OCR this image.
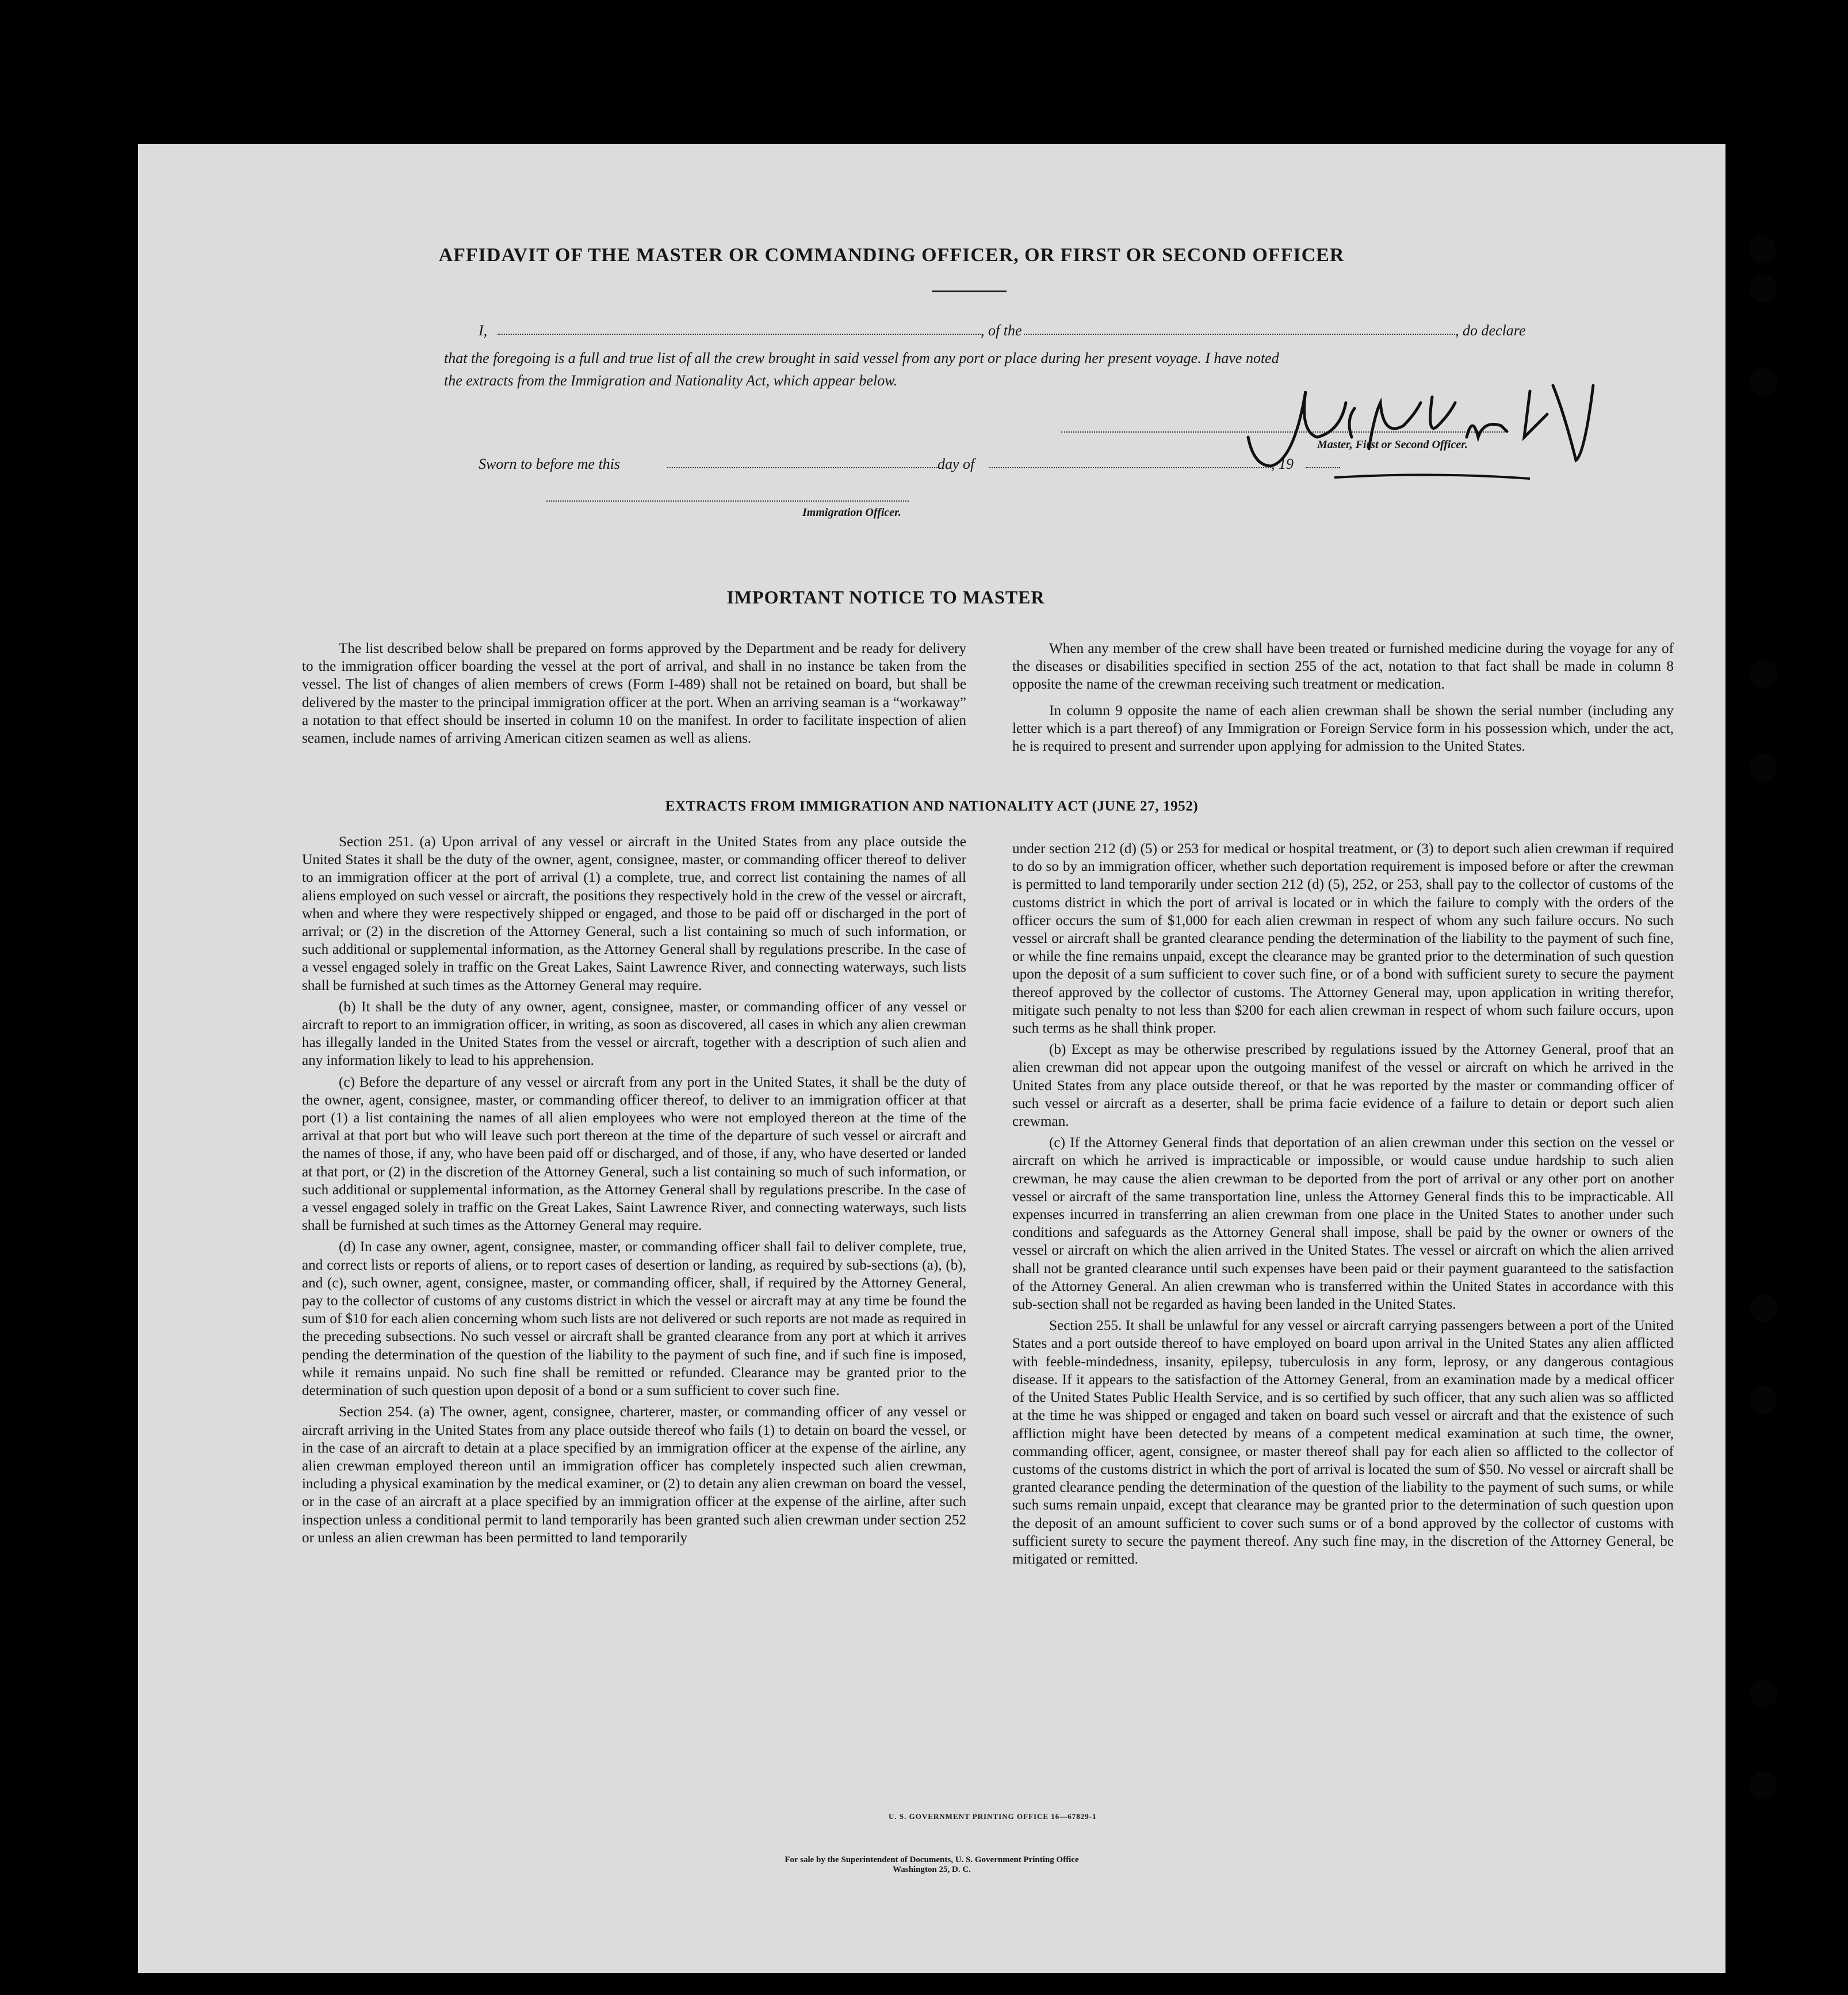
AFFIDAVIT OF THE MASTER OR COMMANDING OFFICER, OR FIRST OR SECOND OFFICER
I,	, of the	, do declare
that the foregoing is a full and true list of all the crew brought in said vessel from any port or place during her present voyage. I have noted
the extracts from the Immigration and Nationality Act, which appear below.
Master, First or Second Officer.
Sworn to before me this	day of	, 19
Immigration Officer.
IMPORTANT NOTICE TO MASTER

The list described below shall be prepared on forms approved by the Department and be ready for delivery to the immigration officer boarding the vessel at the port of arrival, and shall in no instance be taken from the vessel. The list of changes of alien members of crews (Form I-489) shall not be retained on board, but shall be delivered by the master to the principal immigration officer at the port. When an arriving seaman is a “workaway” a notation to that effect should be inserted in column 10 on the manifest. In order to facilitate inspection of alien seamen, include names of arriving American citizen seamen as well as aliens.

When any member of the crew shall have been treated or furnished medicine during the voyage for any of the diseases or disabilities specified in section 255 of the act, notation to that fact shall be made in column 8 opposite the name of the crewman receiving such treatment or medication.

In column 9 opposite the name of each alien crewman shall be shown the serial number (including any letter which is a part thereof) of any Immigration or Foreign Service form in his possession which, under the act, he is required to present and surrender upon applying for admission to the United States.

EXTRACTS FROM IMMIGRATION AND NATIONALITY ACT (JUNE 27, 1952)

Section 251. (a) Upon arrival of any vessel or aircraft in the United States from any place outside the United States it shall be the duty of the owner, agent, consignee, master, or commanding officer thereof to deliver to an immigration officer at the port of arrival (1) a complete, true, and correct list containing the names of all aliens employed on such vessel or aircraft, the positions they respectively hold in the crew of the vessel or aircraft, when and where they were respectively shipped or engaged, and those to be paid off or discharged in the port of arrival; or (2) in the discretion of the Attorney General, such a list containing so much of such information, or such additional or supplemental information, as the Attorney General shall by regulations prescribe. In the case of a vessel engaged solely in traffic on the Great Lakes, Saint Lawrence River, and connecting waterways, such lists shall be furnished at such times as the Attorney General may require.

(b) It shall be the duty of any owner, agent, consignee, master, or commanding officer of any vessel or aircraft to report to an immigration officer, in writing, as soon as discovered, all cases in which any alien crewman has illegally landed in the United States from the vessel or aircraft, together with a description of such alien and any information likely to lead to his apprehension.

(c) Before the departure of any vessel or aircraft from any port in the United States, it shall be the duty of the owner, agent, consignee, master, or commanding officer thereof, to deliver to an immigration officer at that port (1) a list containing the names of all alien employees who were not employed thereon at the time of the arrival at that port but who will leave such port thereon at the time of the departure of such vessel or aircraft and the names of those, if any, who have been paid off or discharged, and of those, if any, who have deserted or landed at that port, or (2) in the discretion of the Attorney General, such a list containing so much of such information, or such additional or supplemental information, as the Attorney General shall by regulations prescribe. In the case of a vessel engaged solely in traffic on the Great Lakes, Saint Lawrence River, and connecting waterways, such lists shall be furnished at such times as the Attorney General may require.

(d) In case any owner, agent, consignee, master, or commanding officer shall fail to deliver complete, true, and correct lists or reports of aliens, or to report cases of desertion or landing, as required by sub-sections (a), (b), and (c), such owner, agent, consignee, master, or commanding officer, shall, if required by the Attorney General, pay to the collector of customs of any customs district in which the vessel or aircraft may at any time be found the sum of $10 for each alien concerning whom such lists are not delivered or such reports are not made as required in the preceding subsections. No such vessel or aircraft shall be granted clearance from any port at which it arrives pending the determination of the question of the liability to the payment of such fine, and if such fine is imposed, while it remains unpaid. No such fine shall be remitted or refunded. Clearance may be granted prior to the determination of such question upon deposit of a bond or a sum sufficient to cover such fine.

Section 254. (a) The owner, agent, consignee, charterer, master, or commanding officer of any vessel or aircraft arriving in the United States from any place outside thereof who fails (1) to detain on board the vessel, or in the case of an aircraft to detain at a place specified by an immigration officer at the expense of the airline, any alien crewman employed thereon until an immigration officer has completely inspected such alien crewman, including a physical examination by the medical examiner, or (2) to detain any alien crewman on board the vessel, or in the case of an aircraft at a place specified by an immigration officer at the expense of the airline, after such inspection unless a conditional permit to land temporarily has been granted such alien crewman under section 252 or unless an alien crewman has been permitted to land temporarily

under section 212 (d) (5) or 253 for medical or hospital treatment, or (3) to deport such alien crewman if required to do so by an immigration officer, whether such deportation requirement is imposed before or after the crewman is permitted to land temporarily under section 212 (d) (5), 252, or 253, shall pay to the collector of customs of the customs district in which the port of arrival is located or in which the failure to comply with the orders of the officer occurs the sum of $1,000 for each alien crewman in respect of whom any such failure occurs. No such vessel or aircraft shall be granted clearance pending the determination of the liability to the payment of such fine, or while the fine remains unpaid, except the clearance may be granted prior to the determination of such question upon the deposit of a sum sufficient to cover such fine, or of a bond with sufficient surety to secure the payment thereof approved by the collector of customs. The Attorney General may, upon application in writing therefor, mitigate such penalty to not less than $200 for each alien crewman in respect of whom such failure occurs, upon such terms as he shall think proper.

(b) Except as may be otherwise prescribed by regulations issued by the Attorney General, proof that an alien crewman did not appear upon the outgoing manifest of the vessel or aircraft on which he arrived in the United States from any place outside thereof, or that he was reported by the master or commanding officer of such vessel or aircraft as a deserter, shall be prima facie evidence of a failure to detain or deport such alien crewman.

(c) If the Attorney General finds that deportation of an alien crewman under this section on the vessel or aircraft on which he arrived is impracticable or impossible, or would cause undue hardship to such alien crewman, he may cause the alien crewman to be deported from the port of arrival or any other port on another vessel or aircraft of the same transportation line, unless the Attorney General finds this to be impracticable. All expenses incurred in transferring an alien crewman from one place in the United States to another under such conditions and safeguards as the Attorney General shall impose, shall be paid by the owner or owners of the vessel or aircraft on which the alien arrived in the United States. The vessel or aircraft on which the alien arrived shall not be granted clearance until such expenses have been paid or their payment guaranteed to the satisfaction of the Attorney General. An alien crewman who is transferred within the United States in accordance with this sub-section shall not be regarded as having been landed in the United States.

Section 255. It shall be unlawful for any vessel or aircraft carrying passengers between a port of the United States and a port outside thereof to have employed on board upon arrival in the United States any alien afflicted with feeble-mindedness, insanity, epilepsy, tuberculosis in any form, leprosy, or any dangerous contagious disease. If it appears to the satisfaction of the Attorney General, from an examination made by a medical officer of the United States Public Health Service, and is so certified by such officer, that any such alien was so afflicted at the time he was shipped or engaged and taken on board such vessel or aircraft and that the existence of such affliction might have been detected by means of a competent medical examination at such time, the owner, commanding officer, agent, consignee, or master thereof shall pay for each alien so afflicted to the collector of customs of the customs district in which the port of arrival is located the sum of $50. No vessel or aircraft shall be granted clearance pending the determination of the question of the liability to the payment of such sums, or while such sums remain unpaid, except that clearance may be granted prior to the determination of such question upon the deposit of an amount sufficient to cover such sums or of a bond approved by the collector of customs with sufficient surety to secure the payment thereof. Any such fine may, in the discretion of the Attorney General, be mitigated or remitted.

U. S. GOVERNMENT PRINTING OFFICE 16—67829-1
For sale by the Superintendent of Documents, U. S. Government Printing Office
Washington 25, D. C.
